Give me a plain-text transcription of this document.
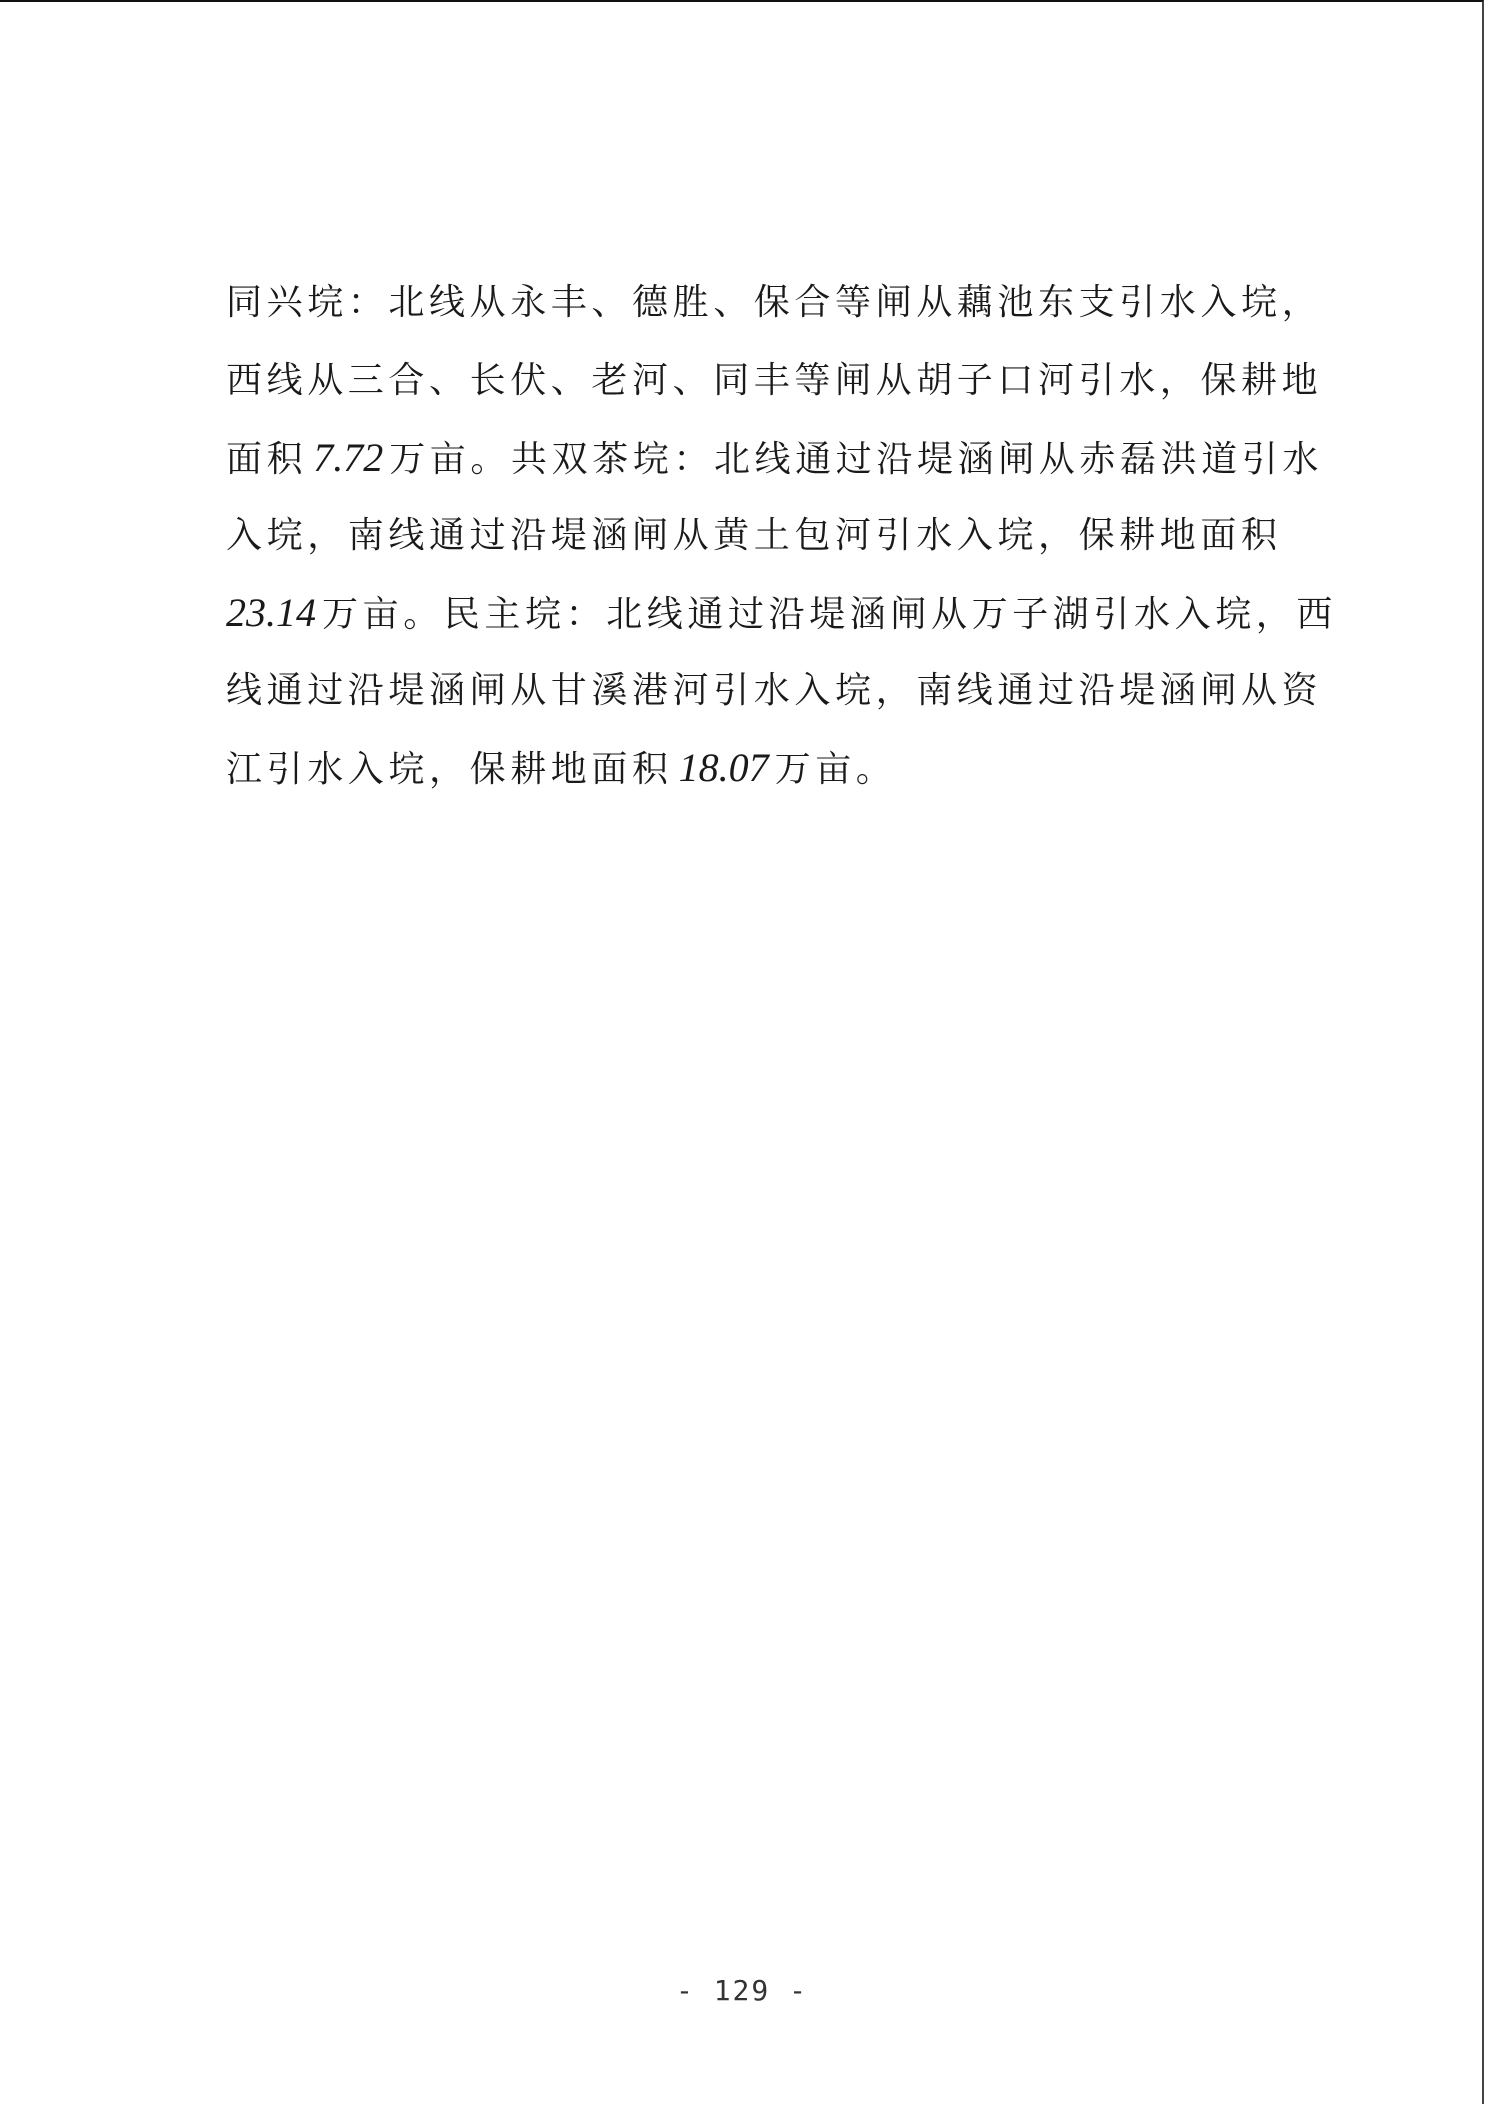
同兴垸：北线从永丰、德胜、保合等闸从藕池东支引水入垸，
西线从三合、长伏、老河、同丰等闸从胡子口河引水，保耕地
面积 7.72 万亩。共双茶垸：北线通过沿堤涵闸从赤磊洪道引水
入垸，南线通过沿堤涵闸从黄土包河引水入垸，保耕地面积
23.14 万亩。民主垸：北线通过沿堤涵闸从万子湖引水入垸，西
线通过沿堤涵闸从甘溪港河引水入垸，南线通过沿堤涵闸从资
江引水入垸，保耕地面积 18.07 万亩。

- 129 -
